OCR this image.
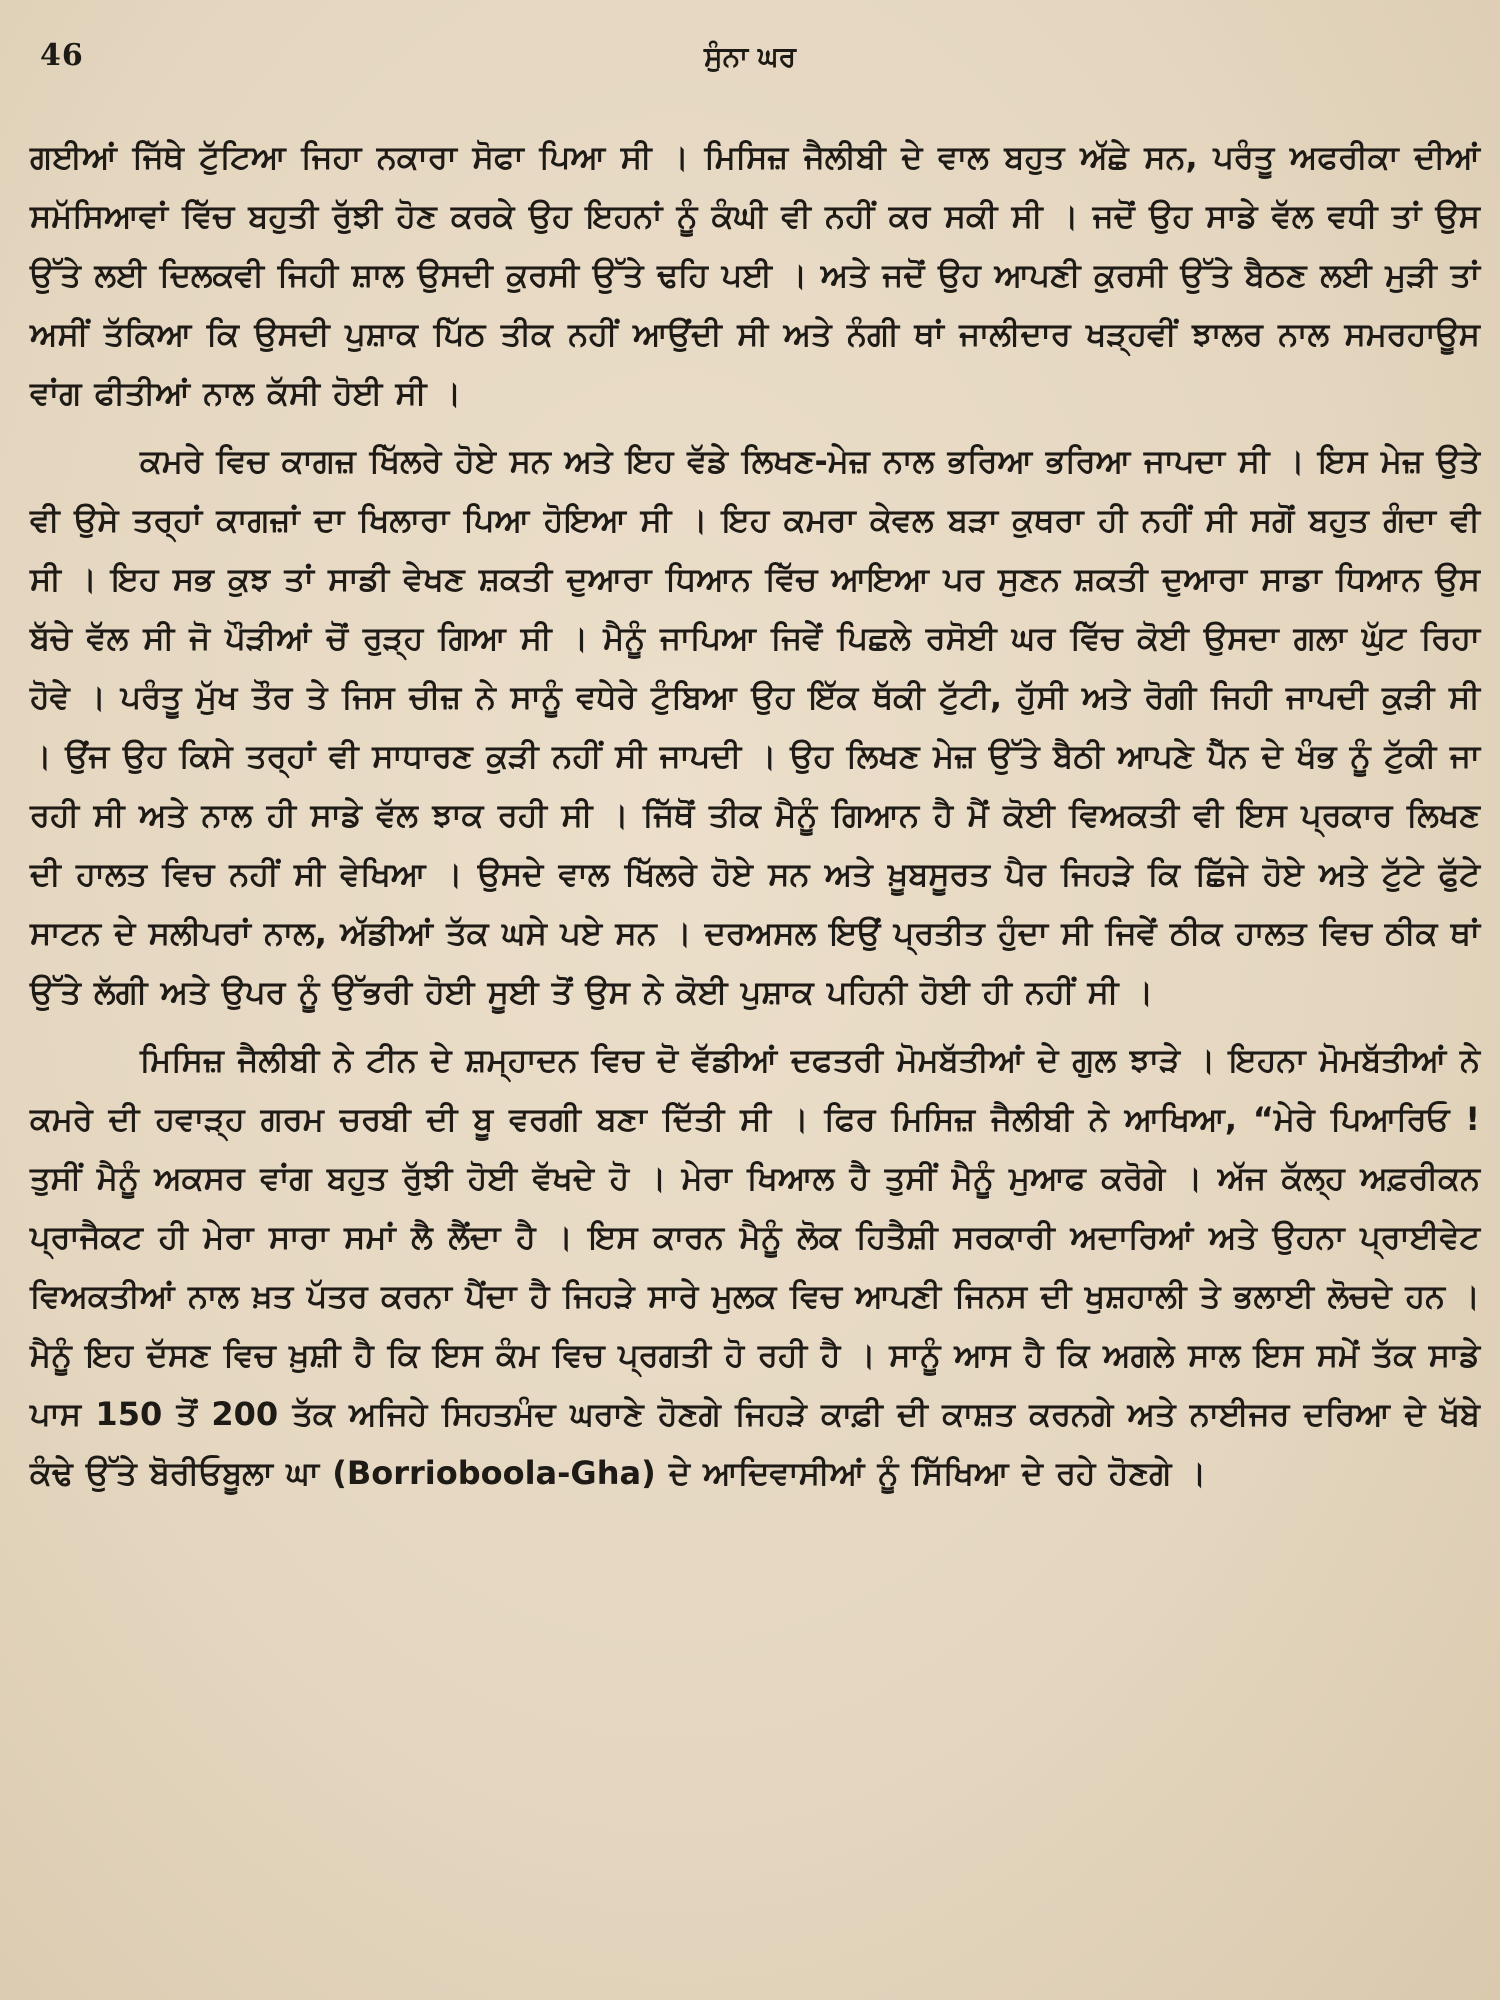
46	ਸੁੰਨਾ ਘਰ

ਗਈਆਂ ਜਿੱਥੇ ਟੁੱਟਿਆ ਜਿਹਾ ਨਕਾਰਾ ਸੋਫਾ ਪਿਆ ਸੀ । ਮਿਸਿਜ਼ ਜੈਲੀਬੀ ਦੇ ਵਾਲ ਬਹੁਤ ਅੱਛੇ ਸਨ, ਪਰੰਤੂ ਅਫਰੀਕਾ ਦੀਆਂ ਸਮੱਸਿਆਵਾਂ ਵਿੱਚ ਬਹੁਤੀ ਰੁੱਝੀ ਹੋਣ ਕਰਕੇ ਉਹ ਇਹਨਾਂ ਨੂੰ ਕੰਘੀ ਵੀ ਨਹੀਂ ਕਰ ਸਕੀ ਸੀ । ਜਦੋਂ ਉਹ ਸਾਡੇ ਵੱਲ ਵਧੀ ਤਾਂ ਉਸ ਉੱਤੇ ਲਈ ਦਿਲਕਵੀ ਜਿਹੀ ਸ਼ਾਲ ਉਸਦੀ ਕੁਰਸੀ ਉੱਤੇ ਢਹਿ ਪਈ । ਅਤੇ ਜਦੋਂ ਉਹ ਆਪਣੀ ਕੁਰਸੀ ਉੱਤੇ ਬੈਠਣ ਲਈ ਮੁੜੀ ਤਾਂ ਅਸੀਂ ਤੱਕਿਆ ਕਿ ਉਸਦੀ ਪੁਸ਼ਾਕ ਪਿੱਠ ਤੀਕ ਨਹੀਂ ਆਉਂਦੀ ਸੀ ਅਤੇ ਨੰਗੀ ਥਾਂ ਜਾਲੀਦਾਰ ਖੜ੍ਹਵੀਂ ਝਾਲਰ ਨਾਲ ਸਮਰਹਾਊਸ ਵਾਂਗ ਫੀਤੀਆਂ ਨਾਲ ਕੱਸੀ ਹੋਈ ਸੀ ।

ਕਮਰੇ ਵਿਚ ਕਾਗਜ਼ ਖਿੱਲਰੇ ਹੋਏ ਸਨ ਅਤੇ ਇਹ ਵੱਡੇ ਲਿਖਣ-ਮੇਜ਼ ਨਾਲ ਭਰਿਆ ਭਰਿਆ ਜਾਪਦਾ ਸੀ । ਇਸ ਮੇਜ਼ ਉਤੇ ਵੀ ਉਸੇ ਤਰ੍ਹਾਂ ਕਾਗਜ਼ਾਂ ਦਾ ਖਿਲਾਰਾ ਪਿਆ ਹੋਇਆ ਸੀ । ਇਹ ਕਮਰਾ ਕੇਵਲ ਬੜਾ ਕੁਥਰਾ ਹੀ ਨਹੀਂ ਸੀ ਸਗੋਂ ਬਹੁਤ ਗੰਦਾ ਵੀ ਸੀ । ਇਹ ਸਭ ਕੁਝ ਤਾਂ ਸਾਡੀ ਵੇਖਣ ਸ਼ਕਤੀ ਦੁਆਰਾ ਧਿਆਨ ਵਿੱਚ ਆਇਆ ਪਰ ਸੁਣਨ ਸ਼ਕਤੀ ਦੁਆਰਾ ਸਾਡਾ ਧਿਆਨ ਉਸ ਬੱਚੇ ਵੱਲ ਸੀ ਜੋ ਪੌੜੀਆਂ ਚੋਂ ਰੁੜ੍ਹ ਗਿਆ ਸੀ । ਮੈਨੂੰ ਜਾਪਿਆ ਜਿਵੇਂ ਪਿਛਲੇ ਰਸੋਈ ਘਰ ਵਿੱਚ ਕੋਈ ਉਸਦਾ ਗਲਾ ਘੁੱਟ ਰਿਹਾ ਹੋਵੇ । ਪਰੰਤੂ ਮੁੱਖ ਤੌਰ ਤੇ ਜਿਸ ਚੀਜ਼ ਨੇ ਸਾਨੂੰ ਵਧੇਰੇ ਟੁੰਬਿਆ ਉਹ ਇੱਕ ਥੱਕੀ ਟੁੱਟੀ, ਹੁੱਸੀ ਅਤੇ ਰੋਗੀ ਜਿਹੀ ਜਾਪਦੀ ਕੁੜੀ ਸੀ । ਉਂਜ ਉਹ ਕਿਸੇ ਤਰ੍ਹਾਂ ਵੀ ਸਾਧਾਰਣ ਕੁੜੀ ਨਹੀਂ ਸੀ ਜਾਪਦੀ । ਉਹ ਲਿਖਣ ਮੇਜ਼ ਉੱਤੇ ਬੈਠੀ ਆਪਣੇ ਪੈੱਨ ਦੇ ਖੰਭ ਨੂੰ ਟੁੱਕੀ ਜਾ ਰਹੀ ਸੀ ਅਤੇ ਨਾਲ ਹੀ ਸਾਡੇ ਵੱਲ ਝਾਕ ਰਹੀ ਸੀ । ਜਿੱਥੋਂ ਤੀਕ ਮੈਨੂੰ ਗਿਆਨ ਹੈ ਮੈਂ ਕੋਈ ਵਿਅਕਤੀ ਵੀ ਇਸ ਪ੍ਰਕਾਰ ਲਿਖਣ ਦੀ ਹਾਲਤ ਵਿਚ ਨਹੀਂ ਸੀ ਵੇਖਿਆ । ਉਸਦੇ ਵਾਲ ਖਿੱਲਰੇ ਹੋਏ ਸਨ ਅਤੇ ਖ਼ੂਬਸੂਰਤ ਪੈਰ ਜਿਹੜੇ ਕਿ ਛਿੱਜੇ ਹੋਏ ਅਤੇ ਟੁੱਟੇ ਫੁੱਟੇ ਸਾਟਨ ਦੇ ਸਲੀਪਰਾਂ ਨਾਲ, ਅੱਡੀਆਂ ਤੱਕ ਘਸੇ ਪਏ ਸਨ । ਦਰਅਸਲ ਇਉਂ ਪ੍ਰਤੀਤ ਹੁੰਦਾ ਸੀ ਜਿਵੇਂ ਠੀਕ ਹਾਲਤ ਵਿਚ ਠੀਕ ਥਾਂ ਉੱਤੇ ਲੱਗੀ ਅਤੇ ਉਪਰ ਨੂੰ ਉੱਭਰੀ ਹੋਈ ਸੂਈ ਤੋਂ ਉਸ ਨੇ ਕੋਈ ਪੁਸ਼ਾਕ ਪਹਿਨੀ ਹੋਈ ਹੀ ਨਹੀਂ ਸੀ ।

ਮਿਸਿਜ਼ ਜੈਲੀਬੀ ਨੇ ਟੀਨ ਦੇ ਸ਼ਮ੍ਹਾਦਨ ਵਿਚ ਦੋ ਵੱਡੀਆਂ ਦਫਤਰੀ ਮੋਮਬੱਤੀਆਂ ਦੇ ਗੁਲ ਝਾੜੇ । ਇਹਨਾ ਮੋਮਬੱਤੀਆਂ ਨੇ ਕਮਰੇ ਦੀ ਹਵਾੜ੍ਹ ਗਰਮ ਚਰਬੀ ਦੀ ਬੂ ਵਰਗੀ ਬਣਾ ਦਿੱਤੀ ਸੀ । ਫਿਰ ਮਿਸਿਜ਼ ਜੈਲੀਬੀ ਨੇ ਆਖਿਆ, “ਮੇਰੇ ਪਿਆਰਿਓ ! ਤੁਸੀਂ ਮੈਨੂੰ ਅਕਸਰ ਵਾਂਗ ਬਹੁਤ ਰੁੱਝੀ ਹੋਈ ਵੱਖਦੇ ਹੋ । ਮੇਰਾ ਖਿਆਲ ਹੈ ਤੁਸੀਂ ਮੈਨੂੰ ਮੁਆਫ ਕਰੋਗੇ । ਅੱਜ ਕੱਲ੍ਹ ਅਫ਼ਰੀਕਨ ਪ੍ਰਾਜੈਕਟ ਹੀ ਮੇਰਾ ਸਾਰਾ ਸਮਾਂ ਲੈ ਲੈਂਦਾ ਹੈ । ਇਸ ਕਾਰਨ ਮੈਨੂੰ ਲੋਕ ਹਿਤੈਸ਼ੀ ਸਰਕਾਰੀ ਅਦਾਰਿਆਂ ਅਤੇ ਉਹਨਾ ਪ੍ਰਾਈਵੇਟ ਵਿਅਕਤੀਆਂ ਨਾਲ ਖ਼ਤ ਪੱਤਰ ਕਰਨਾ ਪੈਂਦਾ ਹੈ ਜਿਹੜੇ ਸਾਰੇ ਮੁਲਕ ਵਿਚ ਆਪਣੀ ਜਿਨਸ ਦੀ ਖੁਸ਼ਹਾਲੀ ਤੇ ਭਲਾਈ ਲੋਚਦੇ ਹਨ । ਮੈਨੂੰ ਇਹ ਦੱਸਣ ਵਿਚ ਖ਼ੁਸ਼ੀ ਹੈ ਕਿ ਇਸ ਕੰਮ ਵਿਚ ਪ੍ਰਗਤੀ ਹੋ ਰਹੀ ਹੈ । ਸਾਨੂੰ ਆਸ ਹੈ ਕਿ ਅਗਲੇ ਸਾਲ ਇਸ ਸਮੇਂ ਤੱਕ ਸਾਡੇ ਪਾਸ 150 ਤੋਂ 200 ਤੱਕ ਅਜਿਹੇ ਸਿਹਤਮੰਦ ਘਰਾਣੇ ਹੋਣਗੇ ਜਿਹੜੇ ਕਾਫ਼ੀ ਦੀ ਕਾਸ਼ਤ ਕਰਨਗੇ ਅਤੇ ਨਾਈਜਰ ਦਰਿਆ ਦੇ ਖੱਬੇ ਕੰਢੇ ਉੱਤੇ ਬੋਰੀਓਬੂਲਾ ਘਾ (Borrioboola-Gha) ਦੇ ਆਦਿਵਾਸੀਆਂ ਨੂੰ ਸਿੱਖਿਆ ਦੇ ਰਹੇ ਹੋਣਗੇ ।
